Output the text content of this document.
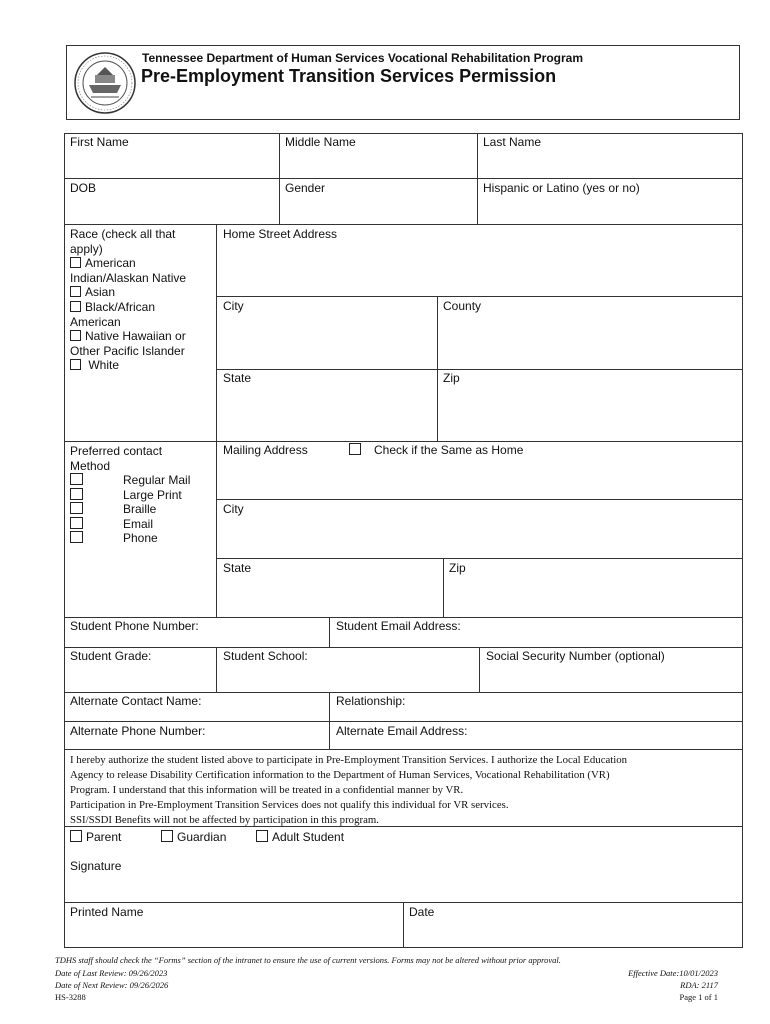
Tennessee Department of Human Services Vocational Rehabilitation Program
Pre-Employment Transition Services Permission
First Name	Middle Name	Last Name
DOB	Gender	Hispanic or Latino (yes or no)
Race (check all that
apply)
American
Indian/Alaskan Native
Asian
Black/African
American
Native Hawaiian or
Other Pacific Islander
White
Home Street Address
City	County
State	Zip
Preferred contact
Method
Regular Mail
Large Print
Braille
Email
Phone
Mailing Address	Check if the Same as Home
City
State	Zip
Student Phone Number:	Student Email Address:
Student Grade:	Student School:	Social Security Number (optional)
Alternate Contact Name:	Relationship:
Alternate Phone Number:	Alternate Email Address:
I hereby authorize the student listed above to participate in Pre-Employment Transition Services. I authorize the Local Education
Agency to release Disability Certification information to the Department of Human Services, Vocational Rehabilitation (VR)
Program. I understand that this information will be treated in a confidential manner by VR.
Participation in Pre-Employment Transition Services does not qualify this individual for VR services.
SSI/SSDI Benefits will not be affected by participation in this program.
Parent	Guardian	Adult Student
Signature
Printed Name	Date
TDHS staff should check the “Forms” section of the intranet to ensure the use of current versions. Forms may not be altered without prior approval.
Date of Last Review: 09/26/2023
Date of Next Review: 09/26/2026
HS-3288
Effective Date:10/01/2023
RDA: 2117
Page 1 of 1
